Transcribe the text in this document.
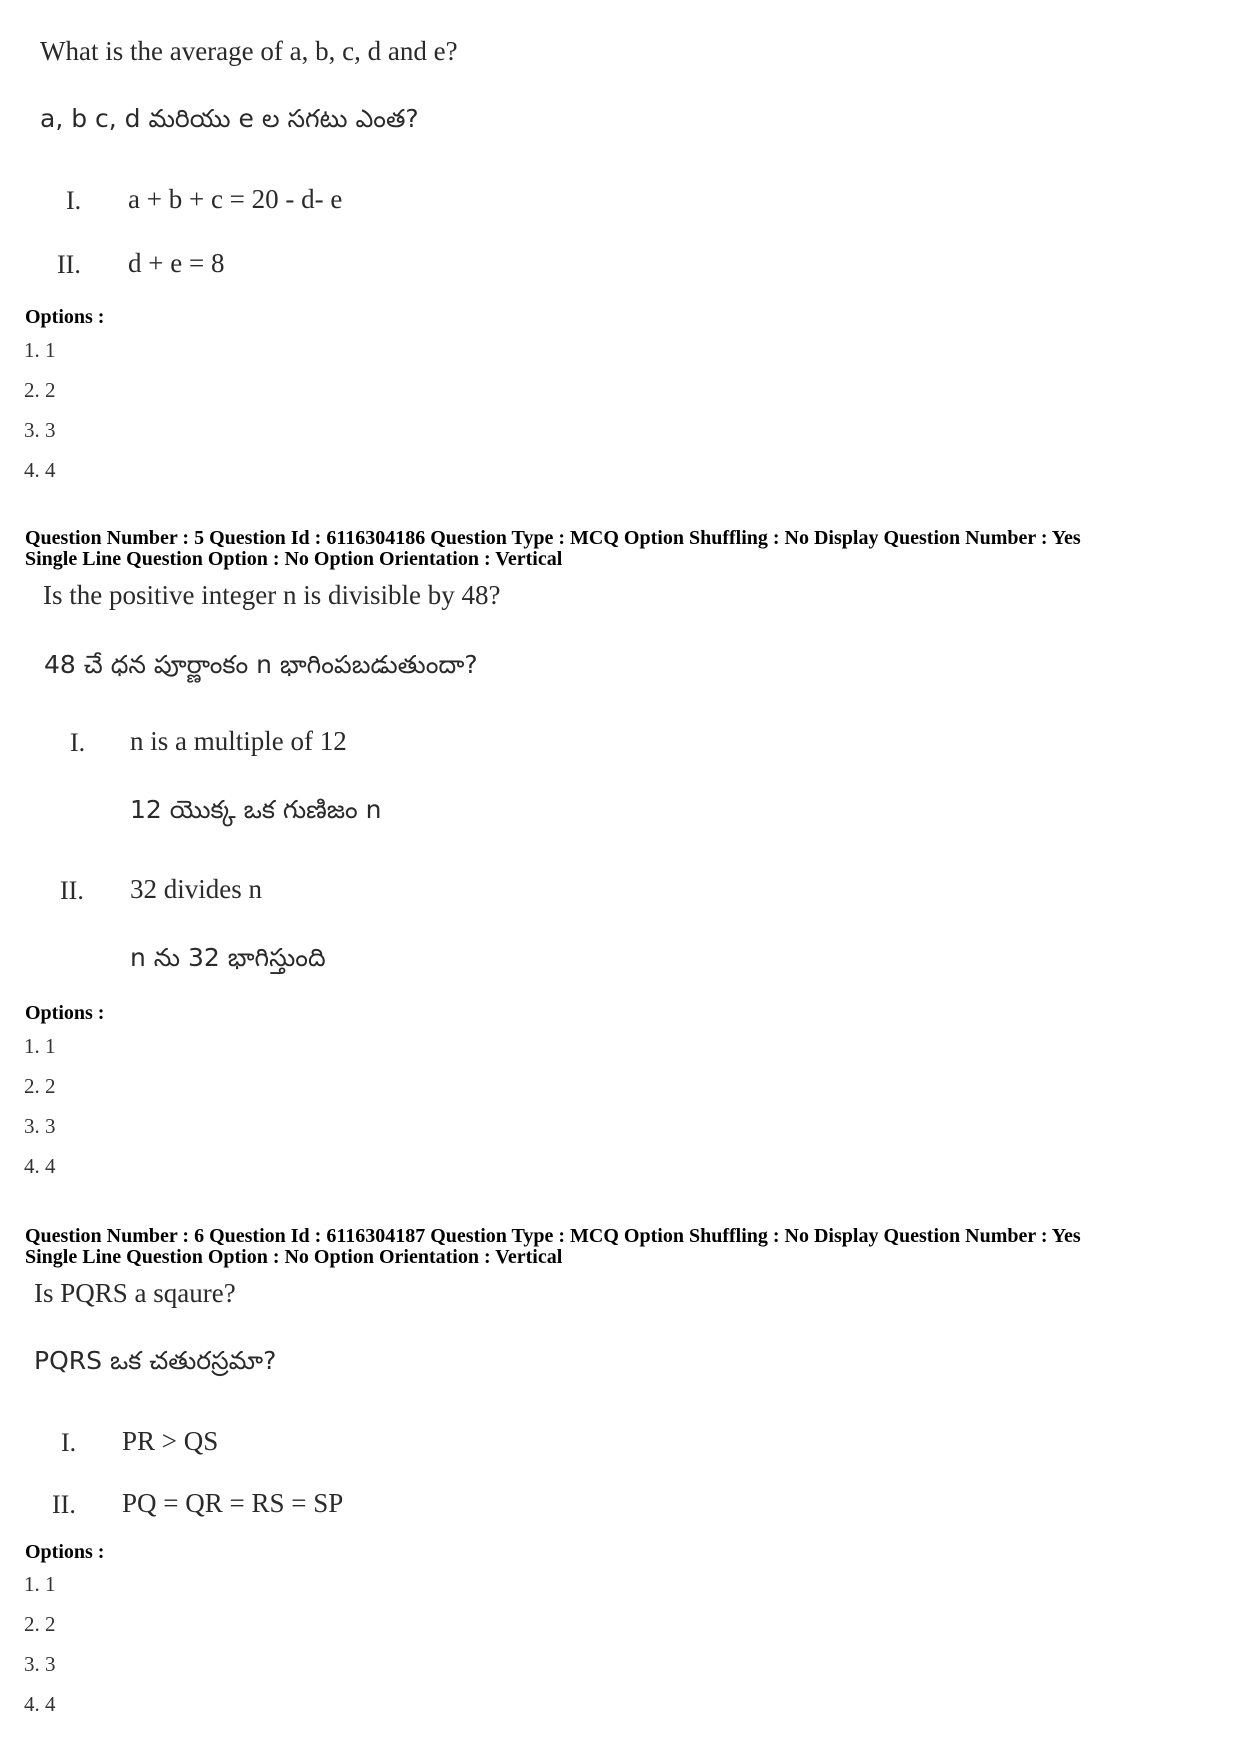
What is the average of a, b, c, d and e?
a, b c, d మరియు e ల సగటు ఎంత?
I. a + b + c = 20 - d- e
II. d + e = 8
Options :
1. 1
2. 2
3. 3
4. 4
Question Number : 5 Question Id : 6116304186 Question Type : MCQ Option Shuffling : No Display Question Number : Yes
Single Line Question Option : No Option Orientation : Vertical
Is the positive integer n is divisible by 48?
48 చే ధన పూర్ణాంకం n భాగింపబడుతుందా?
I. n is a multiple of 12
12 యొక్క ఒక గుణిజం n
II. 32 divides n
n ను 32 భాగిస్తుంది
Options :
1. 1
2. 2
3. 3
4. 4
Question Number : 6 Question Id : 6116304187 Question Type : MCQ Option Shuffling : No Display Question Number : Yes
Single Line Question Option : No Option Orientation : Vertical
Is PQRS a sqaure?
PQRS ఒక చతురస్రమా?
I. PR > QS
II. PQ = QR = RS = SP
Options :
1. 1
2. 2
3. 3
4. 4
